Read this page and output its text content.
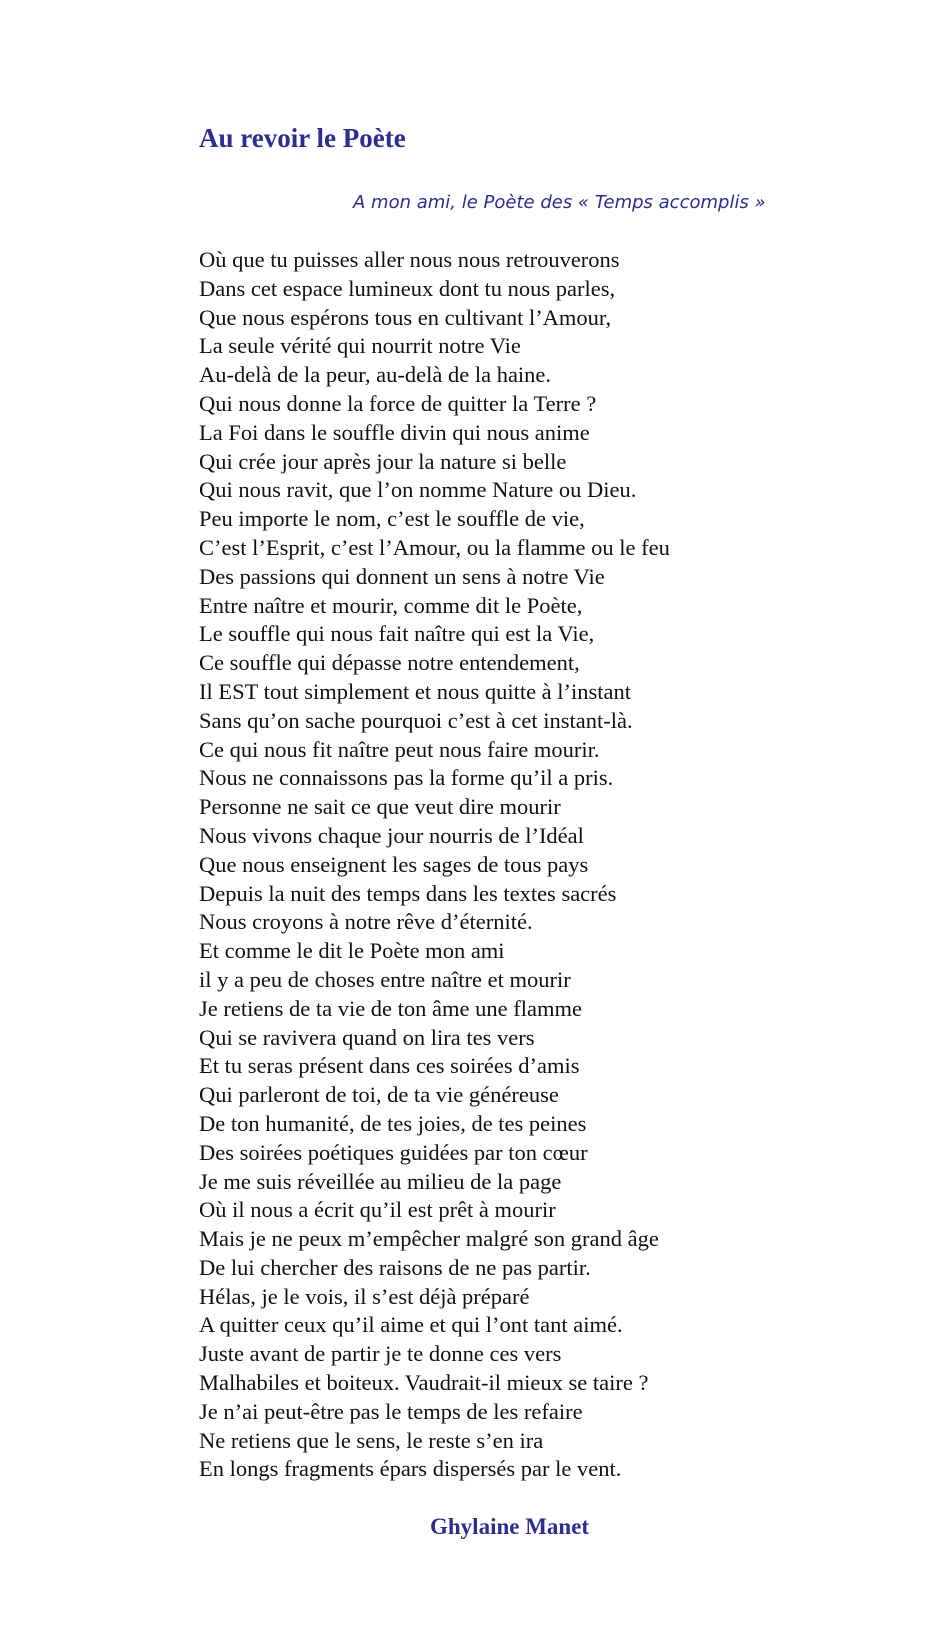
Au revoir le Poète

A mon ami, le Poète des « Temps accomplis »

Où que tu puisses aller nous nous retrouverons
Dans cet espace lumineux dont tu nous parles,
Que nous espérons tous en cultivant l’Amour,
La seule vérité qui nourrit notre Vie
Au-delà de la peur, au-delà de la haine.
Qui nous donne la force de quitter la Terre ?
La Foi dans le souffle divin qui nous anime
Qui crée jour après jour la nature si belle
Qui nous ravit, que l’on nomme Nature ou Dieu.
Peu importe le nom, c’est le souffle de vie,
C’est l’Esprit, c’est l’Amour, ou la flamme ou le feu
Des passions qui donnent un sens à notre Vie
Entre naître et mourir, comme dit le Poète,
Le souffle qui nous fait naître qui est la Vie,
Ce souffle qui dépasse notre entendement,
Il EST tout simplement et nous quitte à l’instant
Sans qu’on sache pourquoi c’est à cet instant-là.
Ce qui nous fit naître peut nous faire mourir.
Nous ne connaissons pas la forme qu’il a pris.
Personne ne sait ce que veut dire mourir
Nous vivons chaque jour nourris de l’Idéal
Que nous enseignent les sages de tous pays
Depuis la nuit des temps dans les textes sacrés
Nous croyons à notre rêve d’éternité.
Et comme le dit le Poète mon ami
il y a peu de choses entre naître et mourir
Je retiens de ta vie de ton âme une flamme
Qui se ravivera quand on lira tes vers
Et tu seras présent dans ces soirées d’amis
Qui parleront de toi, de ta vie généreuse
De ton humanité, de tes joies, de tes peines
Des soirées poétiques guidées par ton cœur
Je me suis réveillée au milieu de la page
Où il nous a écrit qu’il est prêt à mourir
Mais je ne peux m’empêcher malgré son grand âge
De lui chercher des raisons de ne pas partir.
Hélas, je le vois, il s’est déjà préparé
A quitter ceux qu’il aime et qui l’ont tant aimé.
Juste avant de partir je te donne ces vers
Malhabiles et boiteux. Vaudrait-il mieux se taire ?
Je n’ai peut-être pas le temps de les refaire
Ne retiens que le sens, le reste s’en ira
En longs fragments épars dispersés par le vent.

Ghylaine Manet
